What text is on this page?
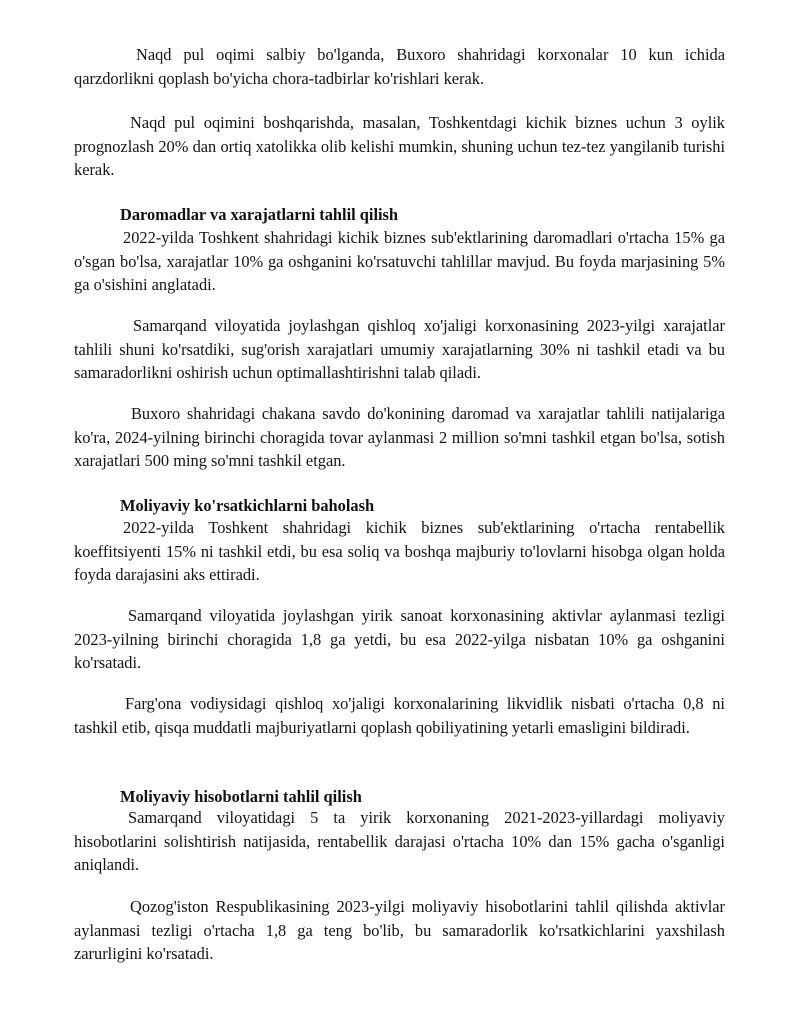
Naqd pul oqimi salbiy bo'lganda, Buxoro shahridagi korxonalar 10 kun ichida qarzdorlikni qoplash bo'yicha chora-tadbirlar ko'rishlari kerak.

Naqd pul oqimini boshqarishda, masalan, Toshkentdagi kichik biznes uchun 3 oylik prognozlash 20% dan ortiq xatolikka olib kelishi mumkin, shuning uchun tez-tez yangilanib turishi kerak.

Daromadlar va xarajatlarni tahlil qilish

2022-yilda Toshkent shahridagi kichik biznes sub'ektlarining daromadlari o'rtacha 15% ga o'sgan bo'lsa, xarajatlar 10% ga oshganini ko'rsatuvchi tahlillar mavjud. Bu foyda marjasining 5% ga o'sishini anglatadi.

Samarqand viloyatida joylashgan qishloq xo'jaligi korxonasining 2023-yilgi xarajatlar tahlili shuni ko'rsatdiki, sug'orish xarajatlari umumiy xarajatlarning 30% ni tashkil etadi va bu samaradorlikni oshirish uchun optimallashtirishni talab qiladi.

Buxoro shahridagi chakana savdo do'konining daromad va xarajatlar tahlili natijalariga ko'ra, 2024-yilning birinchi choragida tovar aylanmasi 2 million so'mni tashkil etgan bo'lsa, sotish xarajatlari 500 ming so'mni tashkil etgan.

Moliyaviy ko'rsatkichlarni baholash

2022-yilda Toshkent shahridagi kichik biznes sub'ektlarining o'rtacha rentabellik koeffitsiyenti 15% ni tashkil etdi, bu esa soliq va boshqa majburiy to'lovlarni hisobga olgan holda foyda darajasini aks ettiradi.

Samarqand viloyatida joylashgan yirik sanoat korxonasining aktivlar aylanmasi tezligi 2023-yilning birinchi choragida 1,8 ga yetdi, bu esa 2022-yilga nisbatan 10% ga oshganini ko'rsatadi.

Farg'ona vodiysidagi qishloq xo'jaligi korxonalarining likvidlik nisbati o'rtacha 0,8 ni tashkil etib, qisqa muddatli majburiyatlarni qoplash qobiliyatining yetarli emasligini bildiradi.

Moliyaviy hisobotlarni tahlil qilish

Samarqand viloyatidagi 5 ta yirik korxonaning 2021-2023-yillardagi moliyaviy hisobotlarini solishtirish natijasida, rentabellik darajasi o'rtacha 10% dan 15% gacha o'sganligi aniqlandi.

Qozog'iston Respublikasining 2023-yilgi moliyaviy hisobotlarini tahlil qilishda aktivlar aylanmasi tezligi o'rtacha 1,8 ga teng bo'lib, bu samaradorlik ko'rsatkichlarini yaxshilash zarurligini ko'rsatadi.
